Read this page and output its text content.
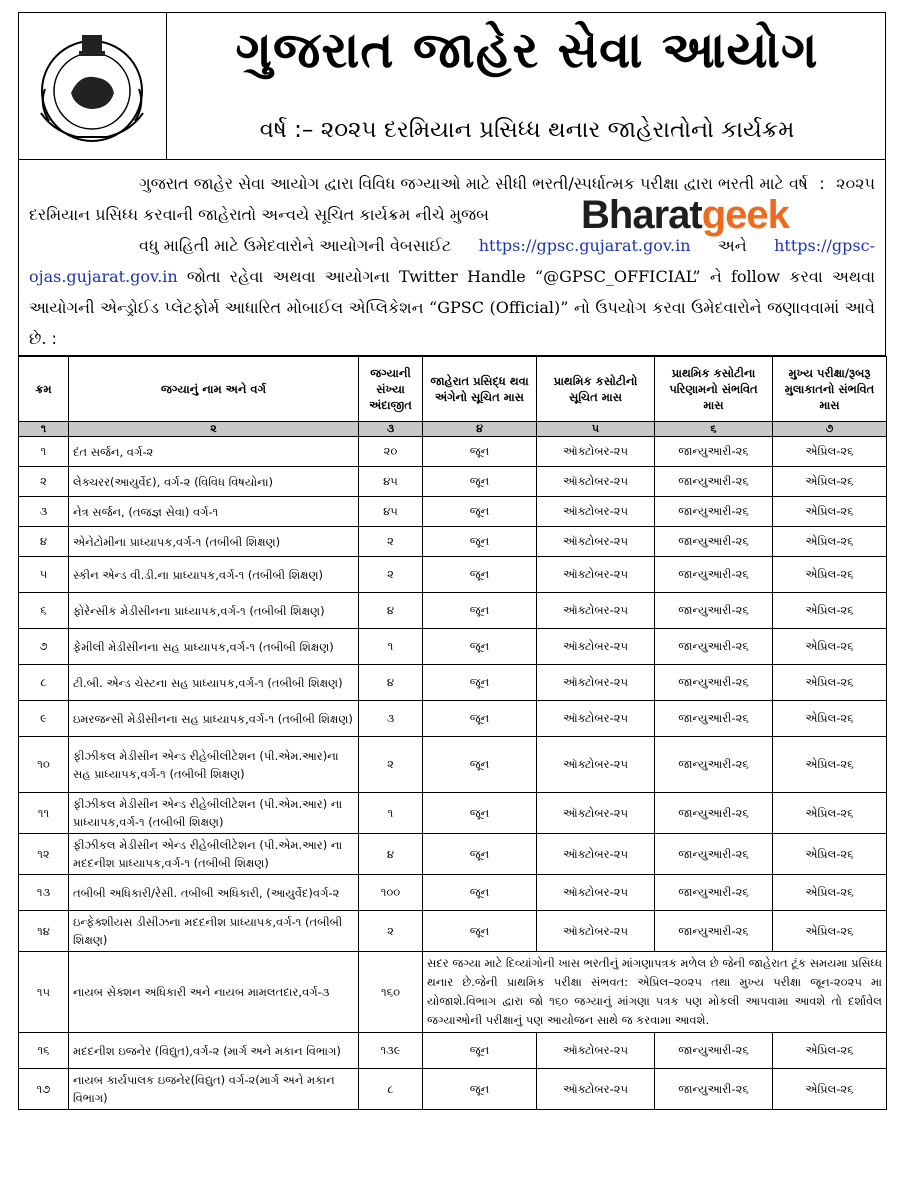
ગુજરાત જાહેર સેવા આયોગ
વર્ષ :– ૨૦૨૫ દરમિયાન પ્રસિધ્ધ થનાર જાહેરાતોનો કાર્યક્રમ

ગુજરાત જાહેર સેવા આયોગ દ્વારા વિવિધ જગ્યાઓ માટે સીધી ભરતી/સ્પર્ધાત્મક પરીક્ષા દ્વારા ભરતી માટે વર્ષ : ૨૦૨૫ દરમિયાન પ્રસિધ્ધ કરવાની જાહેરાતો અન્વયે સૂચિત કાર્યક્રમ નીચે મુજબ

વધુ માહિતી માટે ઉમેદવારોને આયોગની વેબસાઈટ https://gpsc.gujarat.gov.in અને https://gpsc-ojas.gujarat.gov.in જોતા રહેવા અથવા આયોગના Twitter Handle “@GPSC_OFFICIAL” ને follow કરવા અથવા આયોગની એન્ડ્રોઈડ પ્લેટફોર્મ આધારિત મોબાઈલ એપ્લિકેશન “GPSC (Official)” નો ઉપયોગ કરવા ઉમેદવારોને જણાવવામાં આવે છે. :

Bharatgeek
ક્રમ	જગ્યાનું નામ અને વર્ગ	જગ્યાની સંખ્યા અંદાજીત	જાહેરાત પ્રસિદ્ધ થવા અંગેનો સૂચિત માસ	પ્રાથમિક કસોટીનો સૂચિત માસ	પ્રાથમિક કસોટીના પરિણામનો સંભવિત માસ	મુખ્ય પરીક્ષા/રૂબરૂ મુલાકાતનો સંભવિત માસ
૧	૨	૩	૪	૫	૬	૭
૧	દંત સર્જન, વર્ગ-૨	૨૦	જૂન	ઑક્ટોબર-૨૫	જાન્યુઆરી-૨૬	એપ્રિલ-૨૬
૨	લેક્ચરર(આયુર્વેદ), વર્ગ-૨ (વિવિધ વિષયોના)	૪૫	જૂન	ઑક્ટોબર-૨૫	જાન્યુઆરી-૨૬	એપ્રિલ-૨૬
૩	નેત્ર સર્જન, (તજજ્ઞ સેવા) વર્ગ-૧	૪૫	જૂન	ઑક્ટોબર-૨૫	જાન્યુઆરી-૨૬	એપ્રિલ-૨૬
૪	એનેટોમીના પ્રાધ્યાપક,વર્ગ-૧ (તબીબી શિક્ષણ)	૨	જૂન	ઑક્ટોબર-૨૫	જાન્યુઆરી-૨૬	એપ્રિલ-૨૬
૫	સ્કીન એન્ડ વી.ડી.ના પ્રાધ્યાપક,વર્ગ-૧ (તબીબી શિક્ષણ)	૨	જૂન	ઑક્ટોબર-૨૫	જાન્યુઆરી-૨૬	એપ્રિલ-૨૬
૬	ફોરેન્સીક મેડીસીનના પ્રાધ્યાપક,વર્ગ-૧ (તબીબી શિક્ષણ)	૪	જૂન	ઑક્ટોબર-૨૫	જાન્યુઆરી-૨૬	એપ્રિલ-૨૬
૭	ફેમીલી મેડીસીનના સહ પ્રાધ્યાપક,વર્ગ-૧ (તબીબી શિક્ષણ)	૧	જૂન	ઑક્ટોબર-૨૫	જાન્યુઆરી-૨૬	એપ્રિલ-૨૬
૮	ટી.બી. એન્ડ ચેસ્ટના સહ પ્રાધ્યાપક,વર્ગ-૧ (તબીબી શિક્ષણ)	૪	જૂન	ઑક્ટોબર-૨૫	જાન્યુઆરી-૨૬	એપ્રિલ-૨૬
૯	ઇમરજન્સી મેડીસીનના સહ પ્રાધ્યાપક,વર્ગ-૧ (તબીબી શિક્ષણ)	૩	જૂન	ઑક્ટોબર-૨૫	જાન્યુઆરી-૨૬	એપ્રિલ-૨૬
૧૦	ફીઝીકલ મેડીસીન એન્ડ રીહેબીલીટેશન (પી.એમ.આર)ના સહ પ્રાધ્યાપક,વર્ગ-૧ (તબીબી શિક્ષણ)	૨	જૂન	ઑક્ટોબર-૨૫	જાન્યુઆરી-૨૬	એપ્રિલ-૨૬
૧૧	ફીઝીકલ મેડીસીન એન્ડ રીહેબીલીટેશન (પી.એમ.આર) ના પ્રાધ્યાપક,વર્ગ-૧ (તબીબી શિક્ષણ)	૧	જૂન	ઑક્ટોબર-૨૫	જાન્યુઆરી-૨૬	એપ્રિલ-૨૬
૧૨	ફીઝીકલ મેડીસીન એન્ડ રીહેબીલીટેશન (પી.એમ.આર) ના મદદનીશ પ્રાધ્યાપક,વર્ગ-૧ (તબીબી શિક્ષણ)	૪	જૂન	ઑક્ટોબર-૨૫	જાન્યુઆરી-૨૬	એપ્રિલ-૨૬
૧૩	તબીબી અધિકારી/રેસી. તબીબી અધિકારી, (આયુર્વેદ)વર્ગ-૨	૧૦૦	જૂન	ઑક્ટોબર-૨૫	જાન્યુઆરી-૨૬	એપ્રિલ-૨૬
૧૪	ઇન્ફેક્શીયસ ડીસીઝના મદદનીશ પ્રાધ્યાપક,વર્ગ-૧ (તબીબી શિક્ષણ)	૨	જૂન	ઑક્ટોબર-૨૫	જાન્યુઆરી-૨૬	એપ્રિલ-૨૬
૧૫	નાયબ સેક્શન અધિકારી અને નાયબ મામલતદાર,વર્ગ-૩	૧૬૦	સદર જગ્યા માટે દિવ્યાંગોની ખાસ ભરતીનું માંગણાપત્રક મળેલ છે જેની જાહેરાત ટૂંક સમયમા પ્રસિધ્ધ થનાર છે.જેની પ્રાથમિક પરીક્ષા સંભવત: એપ્રિલ–૨૦૨૫ તથા મુખ્ય પરીક્ષા જૂન-૨૦૨૫ મા યોજાશે.વિભાગ દ્વારા જો ૧૬૦ જગ્યાનું માંગણા પત્રક પણ મોકલી આપવામા આવશે તો દર્શાવેલ જગ્યાઓની પરીક્ષાનું પણ આયોજન સાથે જ કરવામા આવશે.			
૧૬	મદદનીશ ઇજનેર (વિદ્યુત),વર્ગ-૨ (માર્ગ અને મકાન વિભાગ)	૧૩૯	જૂન	ઑક્ટોબર-૨૫	જાન્યુઆરી-૨૬	એપ્રિલ-૨૬
૧૭	નાયબ કાર્યપાલક ઇજનેર(વિદ્યુત) વર્ગ-૨(માર્ગ અને મકાન વિભાગ)	૮	જૂન	ઑક્ટોબર-૨૫	જાન્યુઆરી-૨૬	એપ્રિલ-૨૬
